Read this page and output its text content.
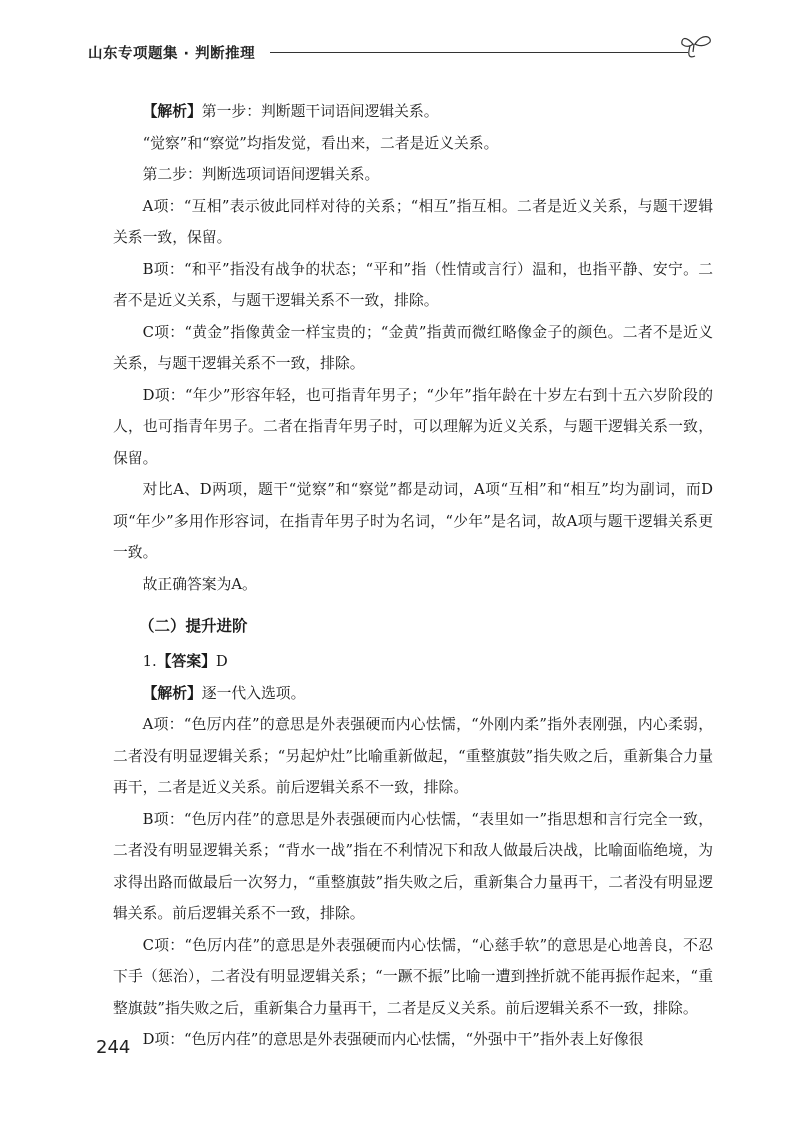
山东专项题集 · 判断推理

【解析】第一步：判断题干词语间逻辑关系。

“觉察”和“察觉”均指发觉，看出来，二者是近义关系。

第二步：判断选项词语间逻辑关系。

A项：“互相”表示彼此同样对待的关系；“相互”指互相。二者是近义关系，与题干逻辑关系一致，保留。

B项：“和平”指没有战争的状态；“平和”指（性情或言行）温和，也指平静、安宁。二者不是近义关系，与题干逻辑关系不一致，排除。

C项：“黄金”指像黄金一样宝贵的；“金黄”指黄而微红略像金子的颜色。二者不是近义关系，与题干逻辑关系不一致，排除。

D项：“年少”形容年轻，也可指青年男子；“少年”指年龄在十岁左右到十五六岁阶段的人，也可指青年男子。二者在指青年男子时，可以理解为近义关系，与题干逻辑关系一致，保留。

对比A、D两项，题干“觉察”和“察觉”都是动词，A项“互相”和“相互”均为副词，而D项“年少”多用作形容词，在指青年男子时为名词，“少年”是名词，故A项与题干逻辑关系更一致。

故正确答案为A。

（二）提升进阶

1.【答案】D

【解析】逐一代入选项。

A项：“色厉内荏”的意思是外表强硬而内心怯懦，“外刚内柔”指外表刚强，内心柔弱，二者没有明显逻辑关系；“另起炉灶”比喻重新做起，“重整旗鼓”指失败之后，重新集合力量再干，二者是近义关系。前后逻辑关系不一致，排除。

B项：“色厉内荏”的意思是外表强硬而内心怯懦，“表里如一”指思想和言行完全一致，二者没有明显逻辑关系；“背水一战”指在不利情况下和敌人做最后决战，比喻面临绝境，为求得出路而做最后一次努力，“重整旗鼓”指失败之后，重新集合力量再干，二者没有明显逻辑关系。前后逻辑关系不一致，排除。

C项：“色厉内荏”的意思是外表强硬而内心怯懦，“心慈手软”的意思是心地善良，不忍下手（惩治），二者没有明显逻辑关系；“一蹶不振”比喻一遭到挫折就不能再振作起来，“重整旗鼓”指失败之后，重新集合力量再干，二者是反义关系。前后逻辑关系不一致，排除。

D项：“色厉内荏”的意思是外表强硬而内心怯懦，“外强中干”指外表上好像很

244
